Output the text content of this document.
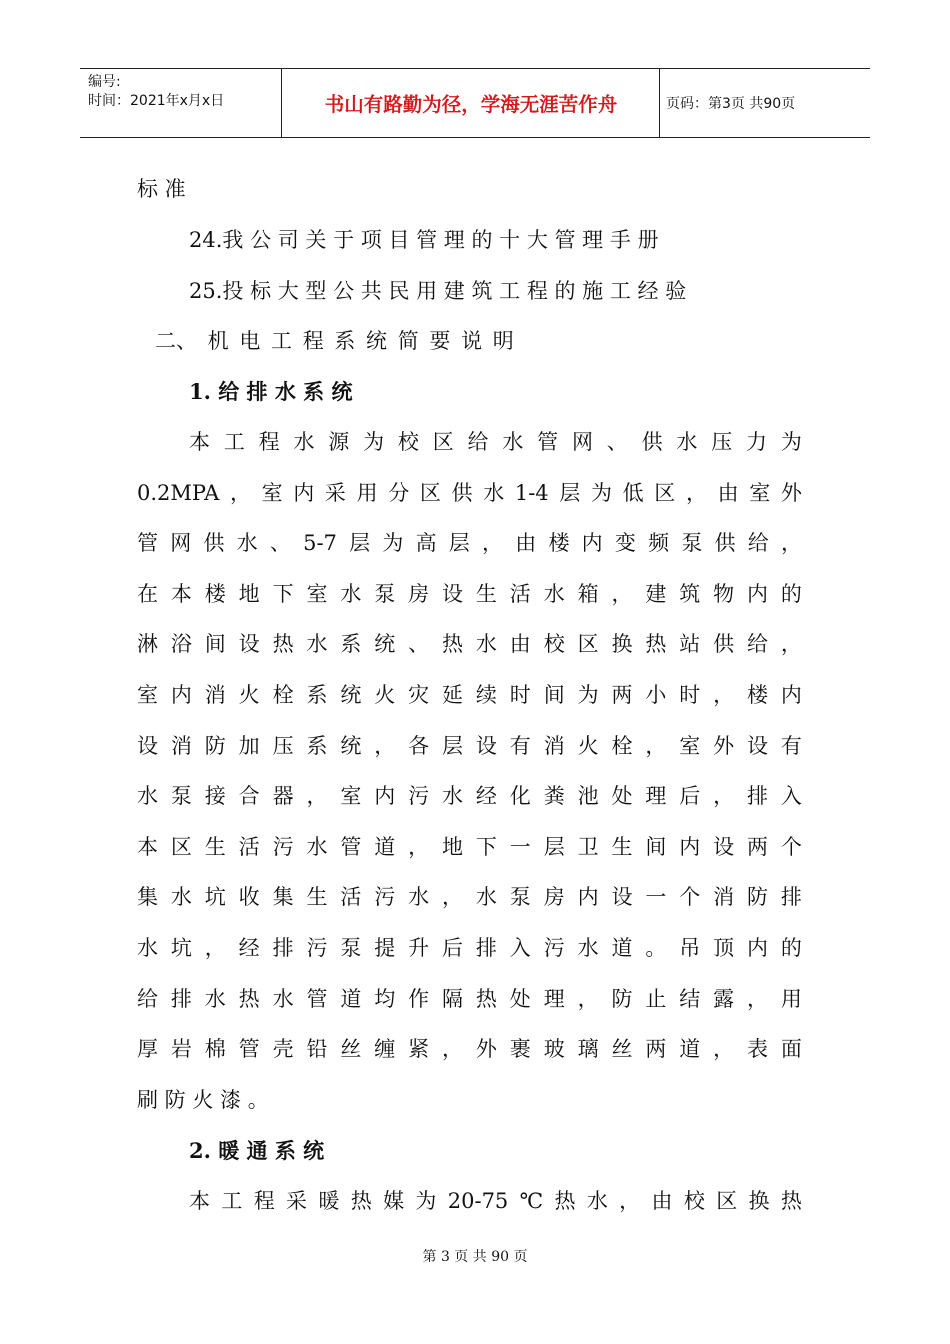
编号:
时间：2021年x月x日	书山有路勤为径，学海无涯苦作舟	页码：第3页 共90页
标 准
24.我 公 司 关 于 项 目 管 理 的 十 大 管 理 手 册
25.投 标 大 型 公 共 民 用 建 筑 工 程 的 施 工 经 验
二、 机 电 工 程 系 统 简 要 说 明
1. 给 排 水 系 统
本 工 程 水 源 为 校 区 给 水 管 网 、 供 水 压 力 为
0.2MPA ， 室 内 采 用 分 区 供 水 1-4 层 为 低 区 ， 由 室 外
管 网 供 水 、 5-7 层 为 高 层 ， 由 楼 内 变 频 泵 供 给 ，
在 本 楼 地 下 室 水 泵 房 设 生 活 水 箱 ， 建 筑 物 内 的
淋 浴 间 设 热 水 系 统 、 热 水 由 校 区 换 热 站 供 给 ，
室 内 消 火 栓 系 统 火 灾 延 续 时 间 为 两 小 时 ， 楼 内
设 消 防 加 压 系 统 ， 各 层 设 有 消 火 栓 ， 室 外 设 有
水 泵 接 合 器 ， 室 内 污 水 经 化 粪 池 处 理 后 ， 排 入
本 区 生 活 污 水 管 道 ， 地 下 一 层 卫 生 间 内 设 两 个
集 水 坑 收 集 生 活 污 水 ， 水 泵 房 内 设 一 个 消 防 排
水 坑 ， 经 排 污 泵 提 升 后 排 入 污 水 道 。 吊 顶 内 的
给 排 水 热 水 管 道 均 作 隔 热 处 理 ， 防 止 结 露 ， 用
厚 岩 棉 管 壳 铅 丝 缠 紧 ， 外 裹 玻 璃 丝 两 道 ， 表 面
刷 防 火 漆 。
2. 暖 通 系 统
本 工 程 采 暖 热 媒 为 20-75 ℃ 热 水 ， 由 校 区 换 热
第 3 页 共 90 页
